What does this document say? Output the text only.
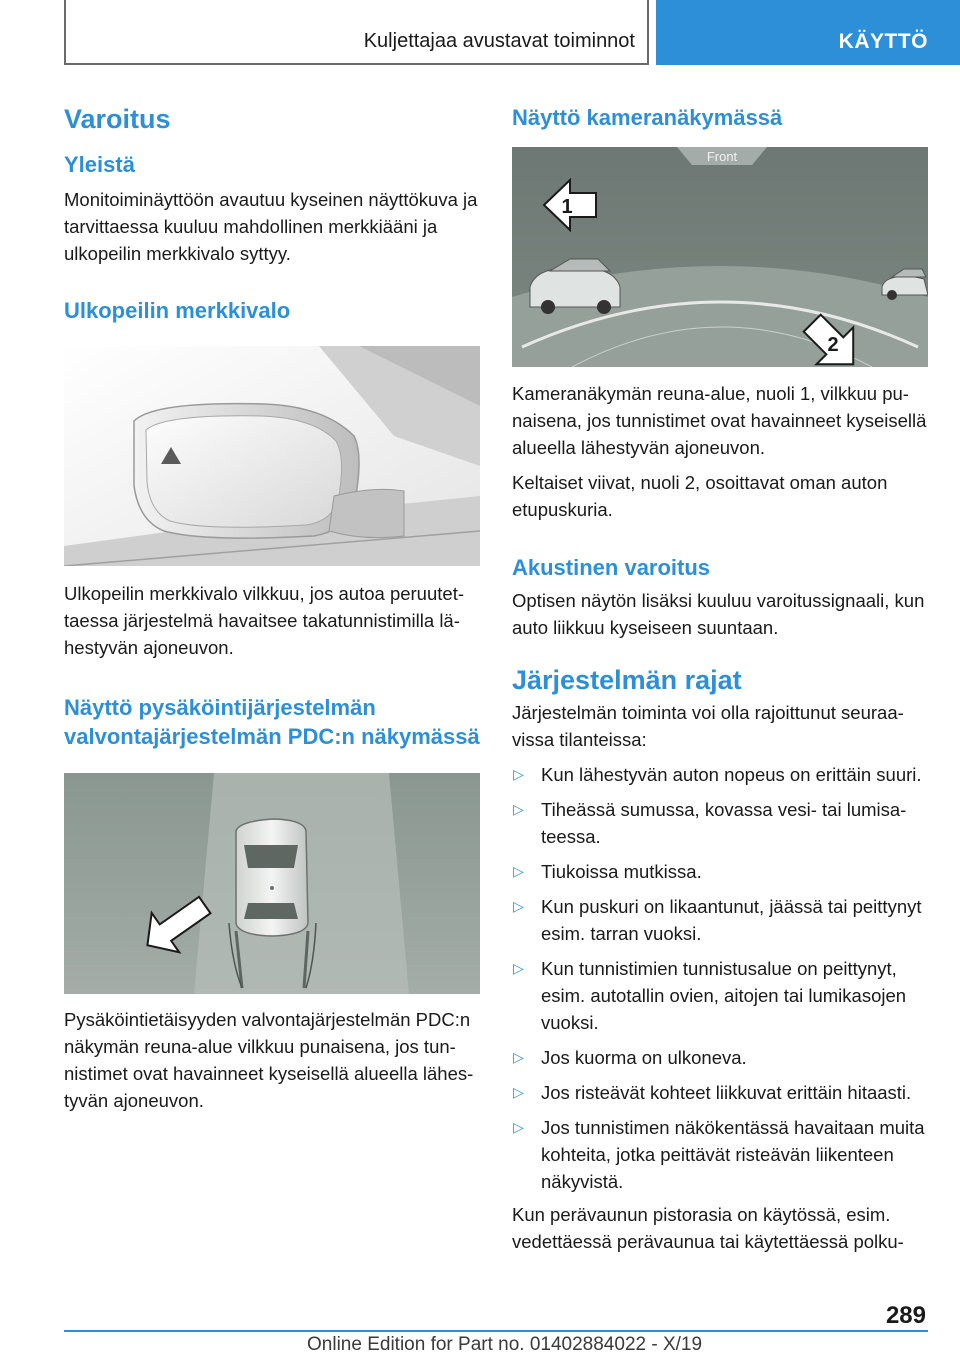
Kuljettajaa avustavat toiminnot	KÄYTTÖ
Varoitus
Yleistä

Monitoiminäyttöön avautuu kyseinen näyttökuva ja tarvittaessa kuuluu mahdollinen merkkiääni ja ulkopeilin merkkivalo syttyy.

Ulkopeilin merkkivalo

Ulkopeilin merkkivalo vilkkuu, jos autoa peruutettaessa järjestelmä havaitsee takatunnistimilla lähestyvän ajoneuvon.

Näyttö pysäköintijärjestelmän valvontajärjestelmän PDC:n näkymässä

Pysäköintietäisyyden valvontajärjestelmän PDC:n näkymän reuna-alue vilkkuu punaisena, jos tunnistimet ovat havainneet kyseisellä alueella lähestyvän ajoneuvon.

Näyttö kameranäkymässä
Front
1
2

Kameranäkymän reuna-alue, nuoli 1, vilkkuu punaisena, jos tunnistimet ovat havainneet kyseisellä alueella lähestyvän ajoneuvon.

Keltaiset viivat, nuoli 2, osoittavat oman auton etupuskuria.

Akustinen varoitus

Optisen näytön lisäksi kuuluu varoitussignaali, kun auto liikkuu kyseiseen suuntaan.

Järjestelmän rajat

Järjestelmän toiminta voi olla rajoittunut seuraavissa tilanteissa:

▷ Kun lähestyvän auton nopeus on erittäin suuri.
▷ Tiheässä sumussa, kovassa vesi- tai lumisateessa.
▷ Tiukoissa mutkissa.
▷ Kun puskuri on likaantunut, jäässä tai peittynyt esim. tarran vuoksi.
▷ Kun tunnistimien tunnistusalue on peittynyt, esim. autotallin ovien, aitojen tai lumikasojen vuoksi.
▷ Jos kuorma on ulkoneva.
▷ Jos risteävät kohteet liikkuvat erittäin hitaasti.
▷ Jos tunnistimen näkökentässä havaitaan muita kohteita, jotka peittävät risteävän liikenteen näkyvistä.

Kun perävaunun pistorasia on käytössä, esim. vedettäessä perävaunua tai käytettäessä polku-

289
Online Edition for Part no. 01402884022 - X/19
